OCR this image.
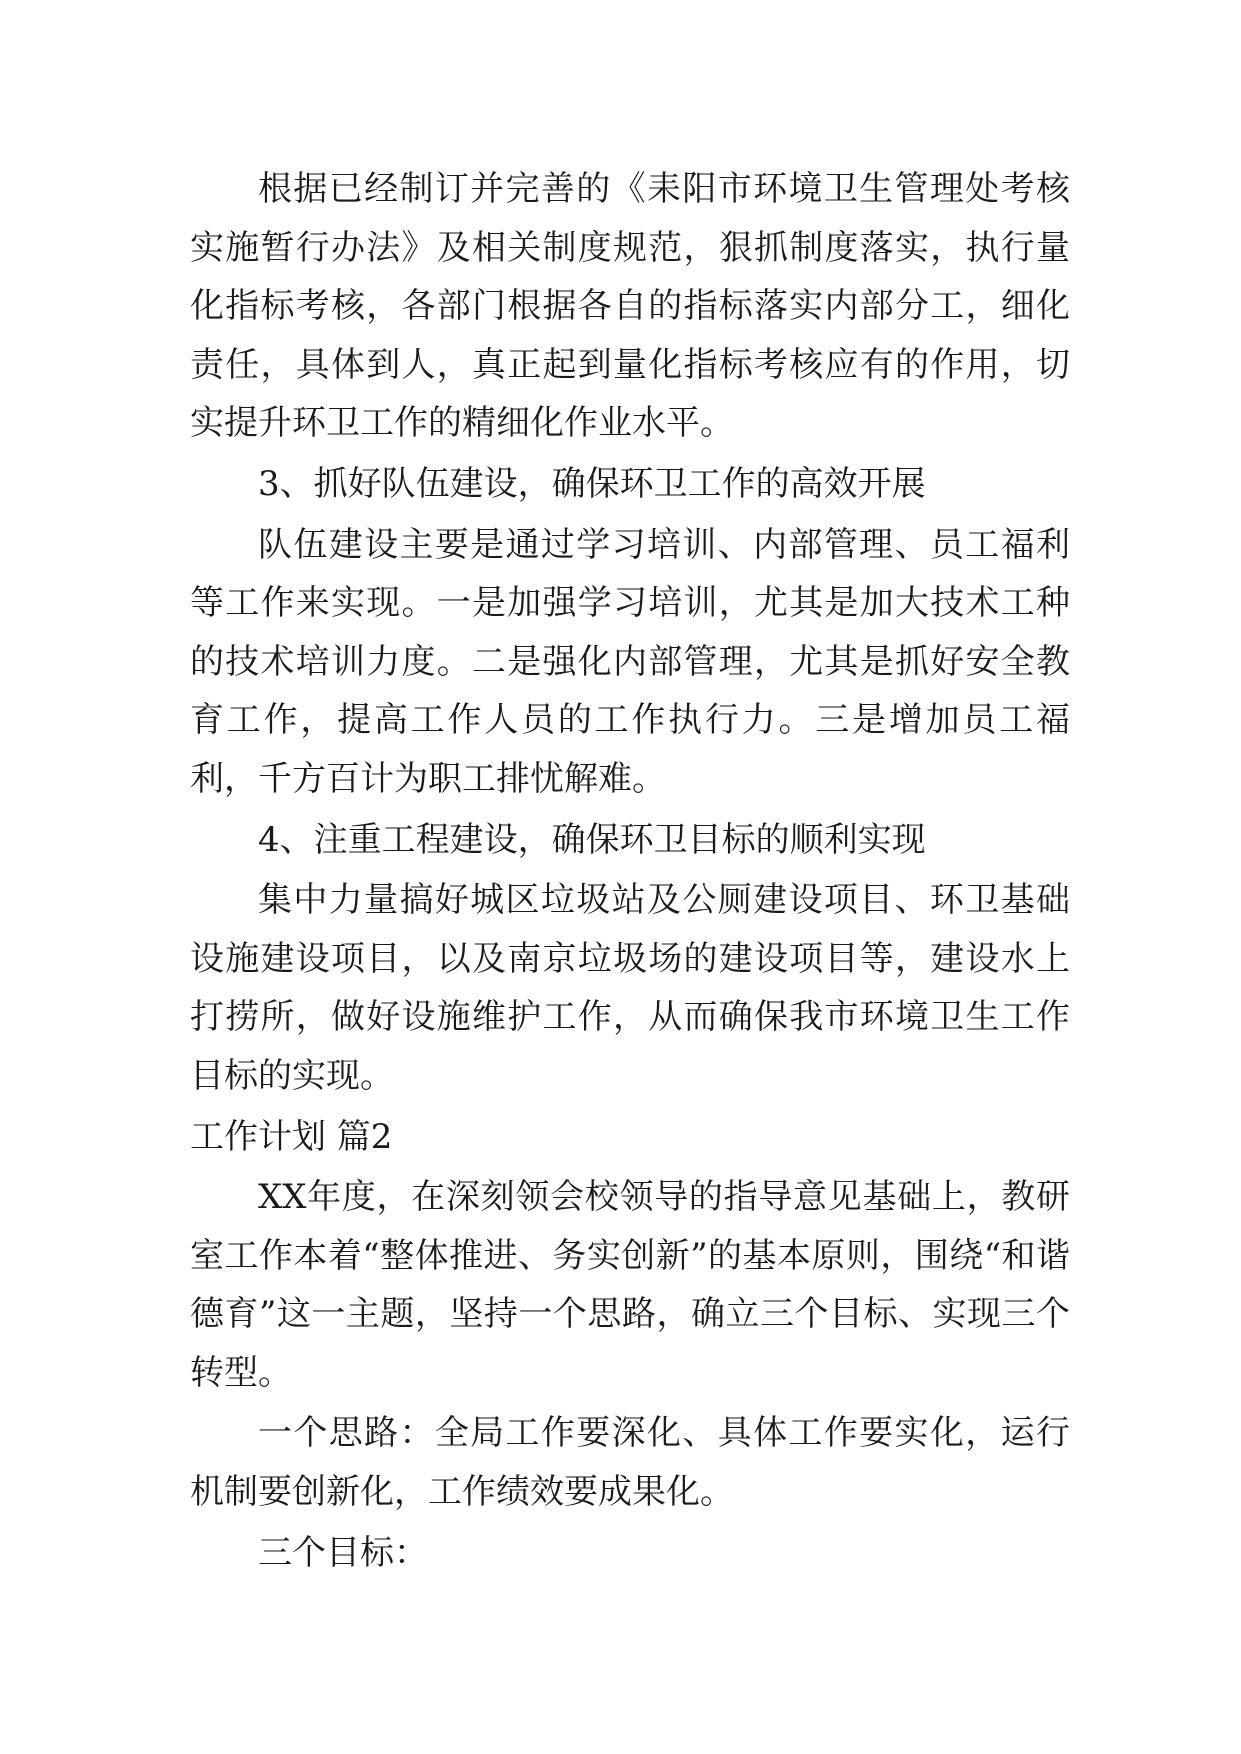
根据已经制订并完善的《耒阳市环境卫生管理处考核实施暂行办法》及相关制度规范，狠抓制度落实，执行量化指标考核，各部门根据各自的指标落实内部分工，细化责任，具体到人，真正起到量化指标考核应有的作用，切实提升环卫工作的精细化作业水平。

3、抓好队伍建设，确保环卫工作的高效开展

队伍建设主要是通过学习培训、内部管理、员工福利等工作来实现。一是加强学习培训，尤其是加大技术工种的技术培训力度。二是强化内部管理，尤其是抓好安全教育工作，提高工作人员的工作执行力。三是增加员工福利，千方百计为职工排忧解难。

4、注重工程建设，确保环卫目标的顺利实现

集中力量搞好城区垃圾站及公厕建设项目、环卫基础设施建设项目，以及南京垃圾场的建设项目等，建设水上打捞所，做好设施维护工作，从而确保我市环境卫生工作目标的实现。

工作计划 篇2

XX年度，在深刻领会校领导的指导意见基础上，教研室工作本着“整体推进、务实创新”的基本原则，围绕“和谐德育”这一主题，坚持一个思路，确立三个目标、实现三个转型。

一个思路：全局工作要深化、具体工作要实化，运行机制要创新化，工作绩效要成果化。

三个目标：
